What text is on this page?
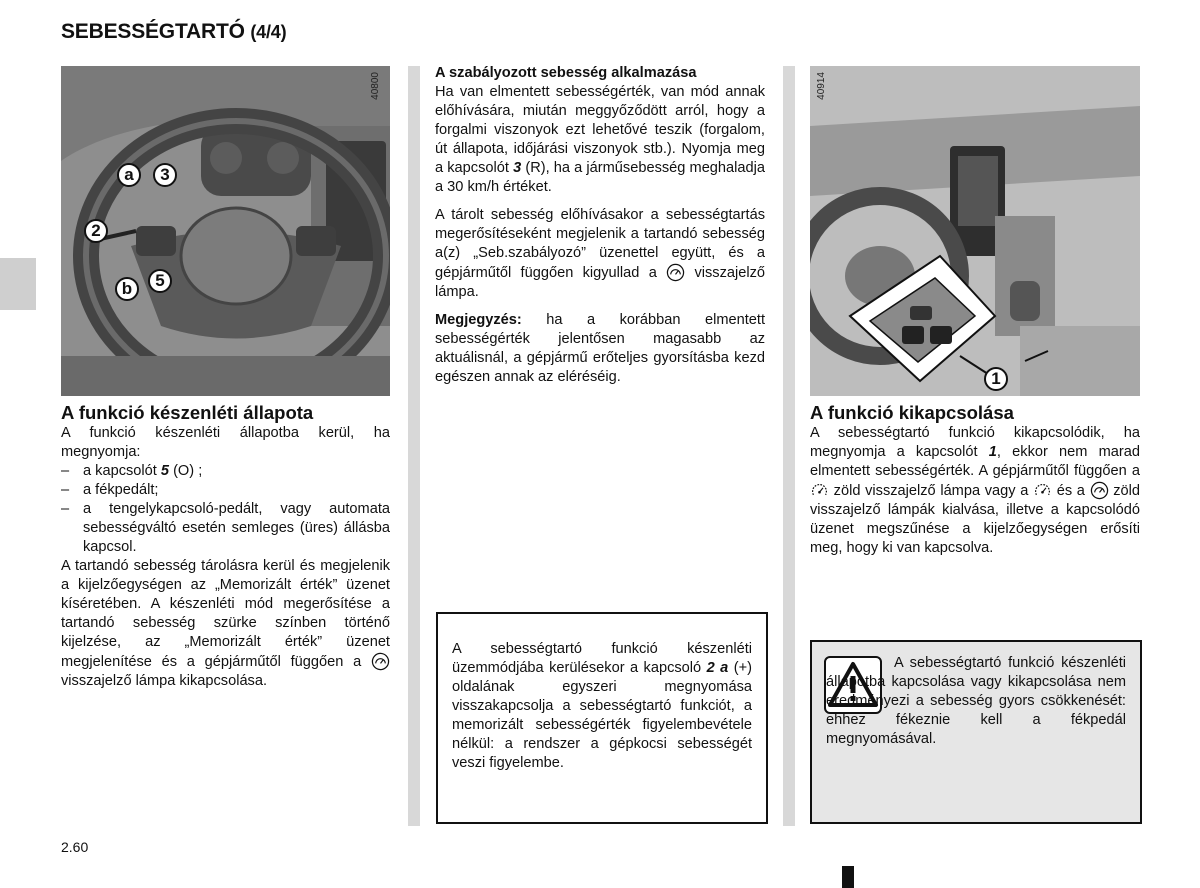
SEBESSÉGTARTÓ (4/4)
40800
a	3
2
5
b
40914
1
A funkció készenléti állapota

A funkció készenléti állapotba kerül, ha megnyomja:

– a kapcsolót 5 (O) ;
– a fékpedált;
– a tengelykapcsoló-pedált, vagy automata sebességváltó esetén semleges (üres) állásba kapcsol.

A tartandó sebesség tárolásra kerül és megjelenik a kijelzőegységen az „Memorizált érték” üzenet kíséretében. A készenléti mód megerősítése a tartandó sebesség szürke színben történő kijelzése, az „Memorizált érték” üzenet megjelenítése és a gépjárműtől függően a visszajelző lámpa kikapcsolása.

A szabályozott sebesség alkalmazása

Ha van elmentett sebességérték, van mód annak előhívására, miután meggyőződött arról, hogy a forgalmi viszonyok ezt lehetővé teszik (forgalom, út állapota, időjárási viszonyok stb.). Nyomja meg a kapcsolót 3 (R), ha a járműsebesség meghaladja a 30 km/h értéket.

A tárolt sebesség előhívásakor a sebességtartás megerősítéseként megjelenik a tartandó sebesség a(z) „Seb.szabályozó” üzenettel együtt, és a gépjárműtől függően kigyullad a	visszajelző lámpa.

Megjegyzés: ha a korábban elmentett sebességérték jelentősen magasabb az aktuálisnál, a gépjármű erőteljes gyorsításba kezd egészen annak az eléréséig.

A sebességtartó funkció készenléti üzemmódjába kerülésekor a kapcsoló 2 a (+) oldalának egyszeri megnyomása visszakapcsolja a sebességtartó funkciót, a memorizált sebességérték figyelembevétele nélkül: a rendszer a gépkocsi sebességét veszi figyelembe.
A funkció kikapcsolása

A sebességtartó funkció kikapcsolódik, ha megnyomja a kapcsolót 1, ekkor nem marad elmentett sebességérték. A gépjárműtől függően a  zöld visszajelző lámpa vagy a  és a  zöld visszajelző lámpák kialvása, illetve a kapcsolódó üzenet megszűnése a kijelzőegységen erősíti meg, hogy ki van kapcsolva.

A sebességtartó funkció készenléti állapotba kapcsolása vagy kikapcsolása nem eredményezi a sebesség gyors csökkenését: ehhez fékeznie kell a fékpedál megnyomásával.
2.60
